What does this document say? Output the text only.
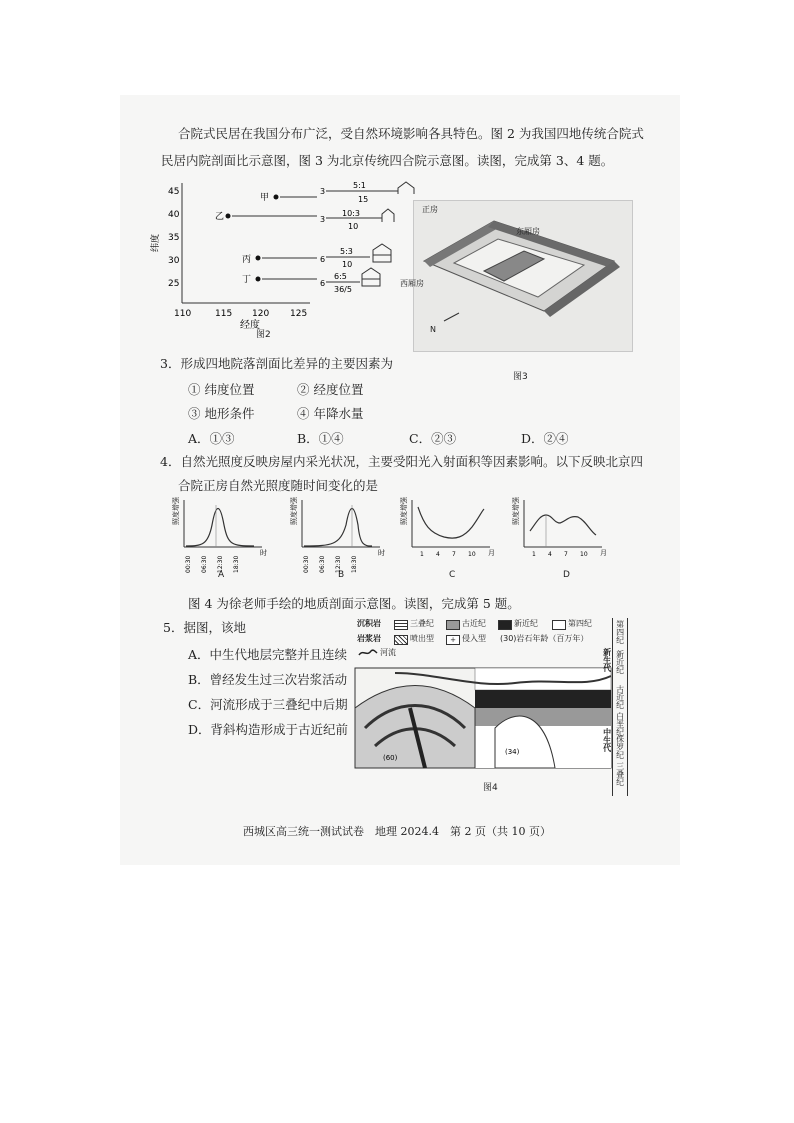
合院式民居在我国分布广泛，受自然环境影响各具特色。图 2 为我国四地传统合院式
民居内院剖面比示意图，图 3 为北京传统四合院示意图。读图，完成第 3、4 题。
45
40
35
30
25
110	115 120 125
纬度
经度
甲
3
5:1
15
乙	3
10:3
10
丙	6
5:3
10
丁	6
6:5
36/5
图2
正房
东厢房
西厢房
N
图3
3．形成四地院落剖面比差异的主要因素为
① 纬度位置	② 经度位置
③ 地形条件	④ 年降水量
A．①③	B．①④	C．②③	D．②④
4．自然光照度反映房屋内采光状况，主要受阳光入射面积等因素影响。以下反映北京四
合院正房自然光照度随时间变化的是
照度增强
00:30 06:30 12:30 18:30
时
A
照度增强
00:30 06:30 12:30 18:30
时
B
照度增强
1 4 7 10 月
C
照度增强
1 4 7 10 月
D
图 4 为徐老师手绘的地质剖面示意图。读图，完成第 5 题。
5．据图，该地
A．中生代地层完整并且连续
B．曾经发生过三次岩浆活动
C．河流形成于三叠纪中后期
D．背斜构造形成于古近纪前
沉积岩
岩浆岩
三叠纪	古近纪	新近纪	第四纪
喷出型	+ 侵入型 (30)岩石年龄（百万年）
河流
(60)
(34)
第四纪
新生代 新近纪
古近纪
白垩纪
中生代 侏罗纪
三叠纪
图4
西城区高三统一测试试卷　地理 2024.4　第 2 页（共 10 页）
